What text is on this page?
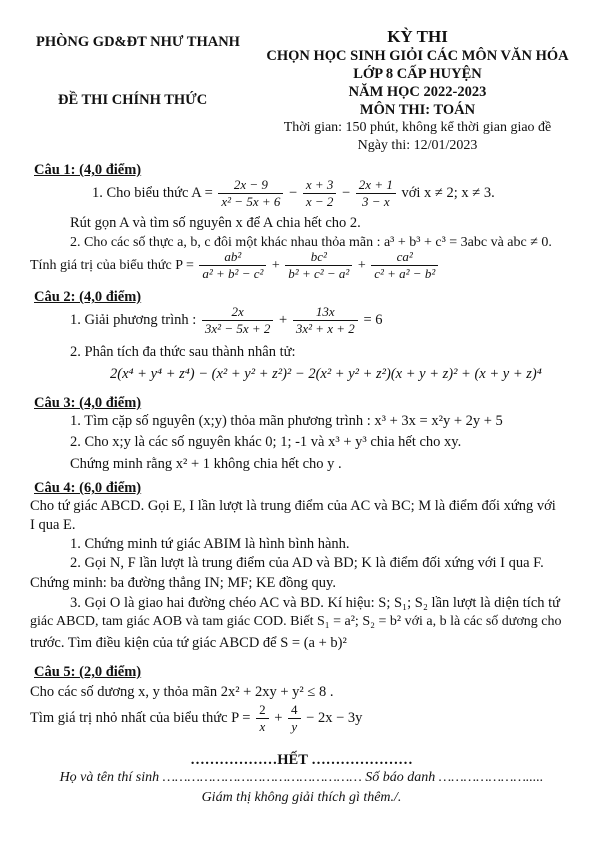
PHÒNG GD&ĐT NHƯ THANH
ĐỀ THI CHÍNH THỨC
KỲ THI
CHỌN HỌC SINH GIỎI CÁC MÔN VĂN HÓA
LỚP 8 CẤP HUYỆN
NĂM HỌC 2022-2023
MÔN THI: TOÁN
Thời gian: 150 phút, không kể thời gian giao đề
Ngày thi: 12/01/2023
Câu 1: (4,0 điểm)
1. Cho biểu thức $A = \frac{2x - 9}{\text{x² − 5x + 6}} - \frac{x + 3}{x - 2} - \frac{2x + 1}{3 - x}$ với x ≠ 2; x ≠ 3.
Rút gọn A và tìm số nguyên x để A chia hết cho 2.
2. Cho các số thực a, b, c đôi một khác nhau thỏa mãn : a³ + b³ + c³ = 3abc và abc ≠ 0.
Tính giá trị của biểu thức $P = \frac{\text{ab²}}{\text{a² + b² − c²}} + \frac{\text{bc²}}{\text{b² + c² − a²}} + \frac{\text{ca²}}{\text{c² + a² − b²}}$
Câu 2: (4,0 điểm)
1. Giải phương trình : $\frac{2x}{\text{3x² − 5x + 2}} + \frac{13x}{\text{3x² + x + 2}} = 6$
2. Phân tích đa thức sau thành nhân tử:
2(x⁴ + y⁴ + z⁴) − (x² + y² + z²)² − 2(x² + y² + z²)(x + y + z)² + (x + y + z)⁴
Câu 3: (4,0 điểm)
1. Tìm cặp số nguyên (x;y) thỏa mãn phương trình : x³ + 3x = x²y + 2y + 5
2. Cho x;y là các số nguyên khác 0; 1; -1 và x³ + y³ chia hết cho xy.
Chứng minh rằng x² + 1 không chia hết cho y .
Câu 4: (6,0 điểm)
Cho tứ giác ABCD. Gọi E, I lần lượt là trung điểm của AC và BC; M là điểm đối xứng với
I qua E.
1. Chứng minh tứ giác ABIM là hình bình hành.
2. Gọi N, F lần lượt là trung điểm của AD và BD; K là điểm đối xứng với I qua F.
Chứng minh: ba đường thẳng IN; MF; KE đồng quy.
3. Gọi O là giao hai đường chéo AC và BD. Kí hiệu: S; S₁; S₂ lần lượt là diện tích tứ
giác ABCD, tam giác AOB và tam giác COD. Biết S₁ = a²; S₂ = b² với a, b là các số dương cho
trước. Tìm điều kiện của tứ giác ABCD để S = (a + b)²
Câu 5: (2,0 điểm)
Cho các số dương x, y thỏa mãn 2x² + 2xy + y² ≤ 8 .
Tìm giá trị nhỏ nhất của biểu thức $P = \frac{2}{x} + \frac{4}{y} - 2x - 3y$
………………HẾT …………………
Họ và tên thí sinh ………………………………………… Số báo danh ………………….....
Giám thị không giải thích gì thêm./.
